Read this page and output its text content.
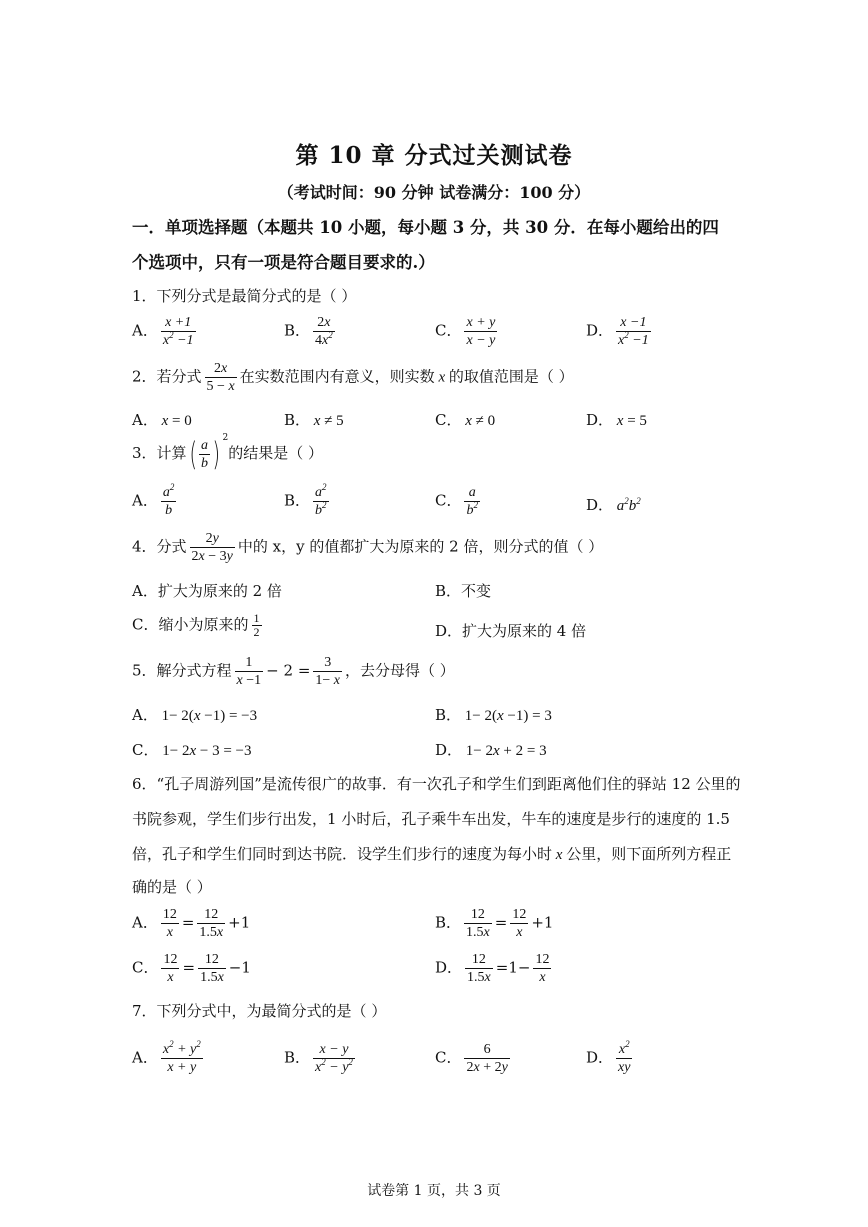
第 10 章 分式过关测试卷
（考试时间：90 分钟 试卷满分：100 分）
一．单项选择题（本题共 10 小题，每小题 3 分，共 30 分．在每小题给出的四
个选项中，只有一项是符合题目要求的.）
1．下列分式是最简分式的是（ ）
A． $\frac{x +1}{x^2 -1}$	B． $\frac{2x}{4x^2}$	C． $\frac{x + y}{x - y}$	D． $\frac{x -1}{x^2 -1}$
2．若分式 $\frac{2x}{5 - x}$ 在实数范围内有意义，则实数 x 的取值范围是（ ）
A． x = 0	B． x ≠ 5	C． x ≠ 0	D． x = 5
3．计算( $\frac{a}{b}$ ) $^2$的结果是（ ）
A． $\frac{a^2}{b}$	B． $\frac{a^2}{b^2}$	C． $\frac{a}{b^2}$	D． $a^2b^2$
4．分式 $\frac{2y}{2x - 3y}$ 中的 x，y 的值都扩大为原来的 2 倍，则分式的值（ ）
A．扩大为原来的 2 倍	B．不变
C．缩小为原来的 $\frac{1}{2}$	D．扩大为原来的 4 倍
5．解分式方程 $\frac{1}{x -1} - 2 = \frac{3}{1- x}$ ，去分母得（ ）
A． 1− 2(x −1) = −3	B． 1− 2(x −1) = 3
C． 1− 2x − 3 = −3	D． 1− 2x + 2 = 3
6．“孔子周游列国”是流传很广的故事．有一次孔子和学生们到距离他们住的驿站 12 公里的
书院参观，学生们步行出发，1 小时后，孔子乘牛车出发，牛车的速度是步行的速度的 1.5
倍，孔子和学生们同时到达书院．设学生们步行的速度为每小时 x 公里，则下面所列方程正
确的是（ ）
A． $\frac{12}{x} = \frac{12}{1.5x} +1$	B． $\frac{12}{1.5x} = \frac{12}{x} +1$
C． $\frac{12}{x} = \frac{12}{1.5x} -1$	D． $\frac{12}{1.5x} =1- \frac{12}{x}$
7．下列分式中，为最简分式的是（ ）
A． $\frac{x^2 + y^2}{x + y}$	B． $\frac{x - y}{x^2 - y^2}$	C． $\frac{6}{2x + 2y}$	D． $\frac{x^2}{xy}$
试卷第 1 页，共 3 页
